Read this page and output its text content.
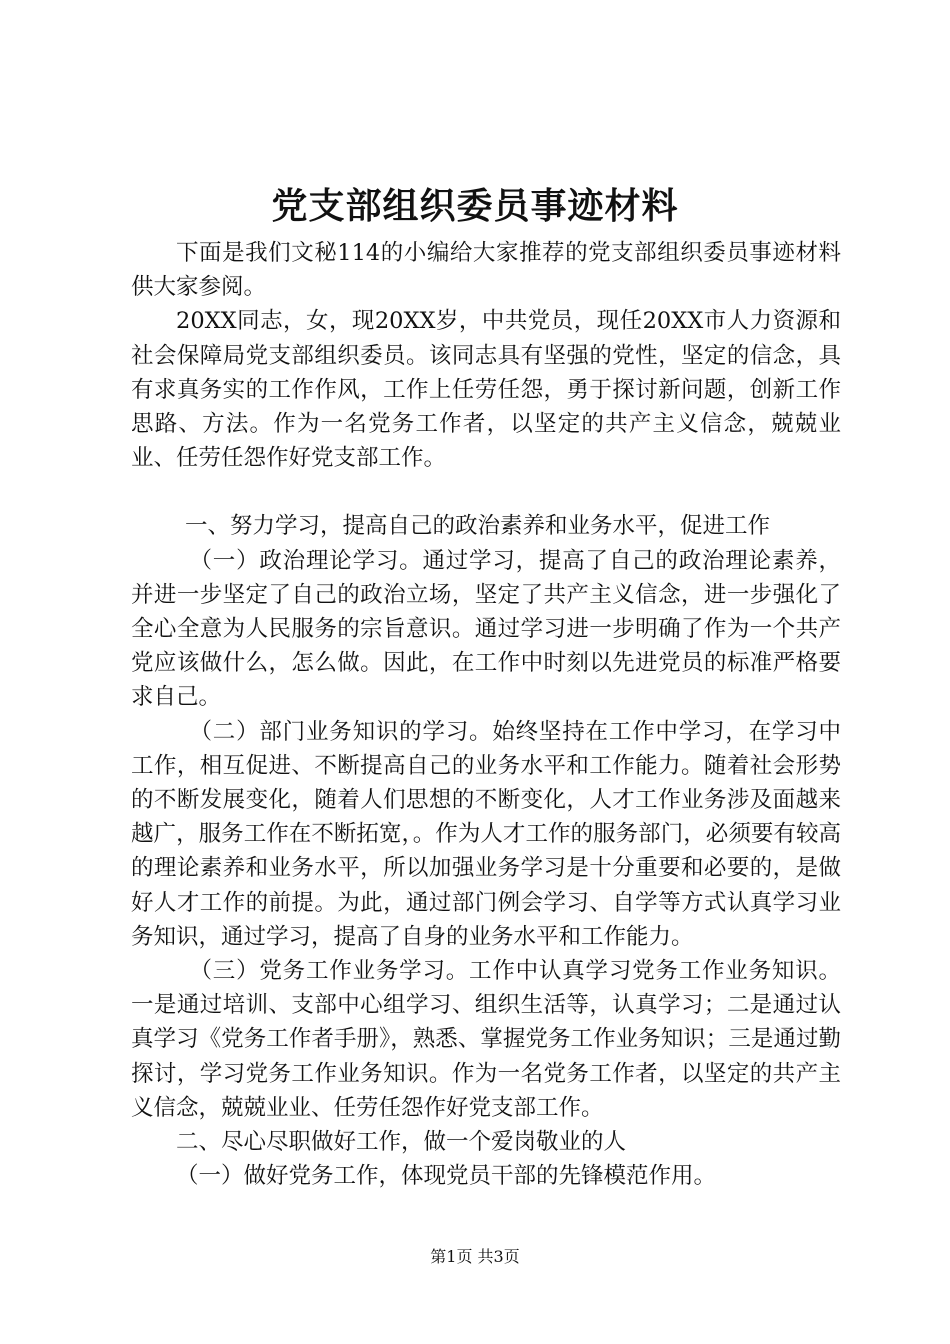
党支部组织委员事迹材料

下面是我们文秘114的小编给大家推荐的党支部组织委员事迹材料供大家参阅。

20XX同志，女，现20XX岁，中共党员，现任20XX市人力资源和社会保障局党支部组织委员。该同志具有坚强的党性，坚定的信念，具有求真务实的工作作风，工作上任劳任怨，勇于探讨新问题，创新工作思路、方法。作为一名党务工作者，以坚定的共产主义信念，兢兢业业、任劳任怨作好党支部工作。

一、努力学习，提高自己的政治素养和业务水平，促进工作

（一）政治理论学习。通过学习，提高了自己的政治理论素养，并进一步坚定了自己的政治立场，坚定了共产主义信念，进一步强化了全心全意为人民服务的宗旨意识。通过学习进一步明确了作为一个共产党应该做什么，怎么做。因此，在工作中时刻以先进党员的标准严格要求自己。

（二）部门业务知识的学习。始终坚持在工作中学习，在学习中工作，相互促进、不断提高自己的业务水平和工作能力。随着社会形势的不断发展变化，随着人们思想的不断变化，人才工作业务涉及面越来越广，服务工作在不断拓宽，。作为人才工作的服务部门，必须要有较高的理论素养和业务水平，所以加强业务学习是十分重要和必要的，是做好人才工作的前提。为此，通过部门例会学习、自学等方式认真学习业务知识，通过学习，提高了自身的业务水平和工作能力。

（三）党务工作业务学习。工作中认真学习党务工作业务知识。一是通过培训、支部中心组学习、组织生活等，认真学习；二是通过认真学习《党务工作者手册》，熟悉、掌握党务工作业务知识；三是通过勤探讨，学习党务工作业务知识。作为一名党务工作者，以坚定的共产主义信念，兢兢业业、任劳任怨作好党支部工作。

二、尽心尽职做好工作，做一个爱岗敬业的人

（一）做好党务工作，体现党员干部的先锋模范作用。

第1页 共3页
